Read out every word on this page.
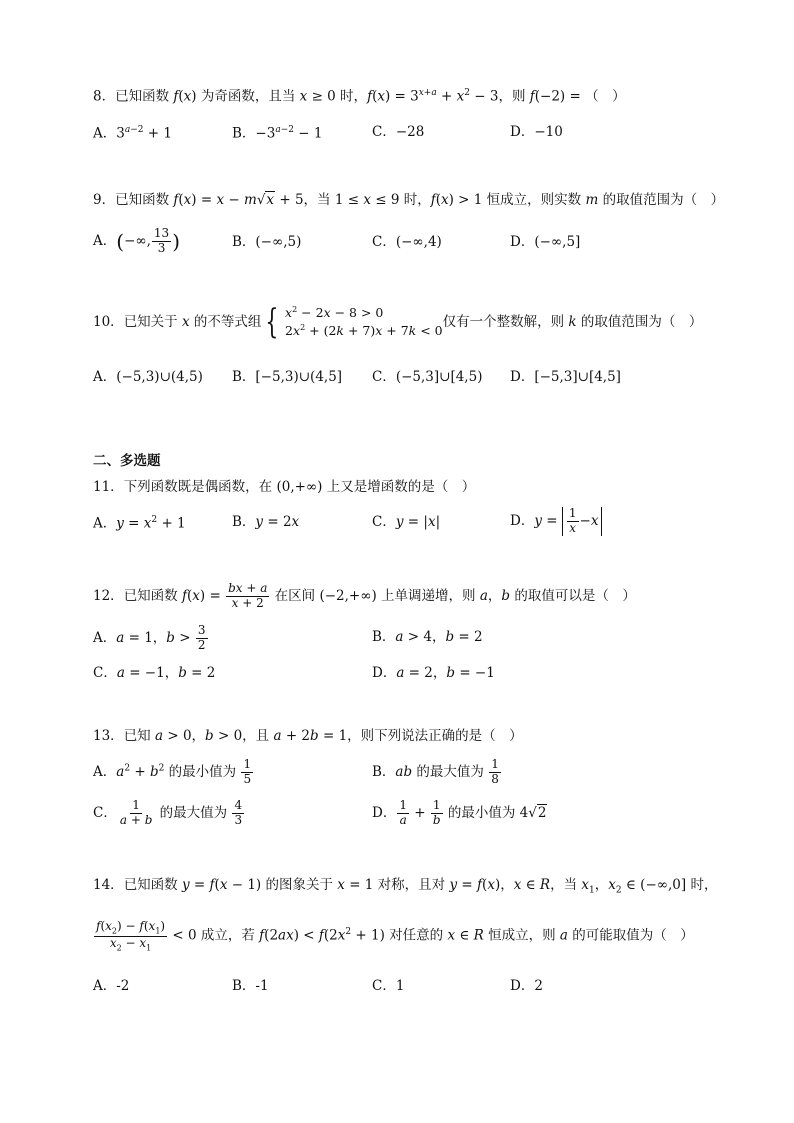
8．已知函数 f(x) 为奇函数，且当 x ≥ 0 时，$f(x) = 3^{x+a} + x^2 - 3$，则 f(−2) = （　）
A．$3^{a-2} + 1$	B．$-3^{a-2} - 1$	C．−28	D．−10
9．已知函数 f(x) = x − m√x + 5，当 1 ≤ x ≤ 9 时，f(x) > 1 恒成立，则实数 m 的取值范围为（　）
A．(−∞, $\frac{13}{3}$ )	B．(−∞,5)	C．(−∞,4)	D．(−∞,5]
10．已知关于 x 的不等式组 { $x^2 - 2x - 8 > 0$
$2x^2 + (2k + 7)x + 7k < 0$
仅有一个整数解，则 k 的取值范围为（　）
A．(−5,3)∪(4,5) B．[−5,3)∪(4,5] C．(−5,3]∪[4,5) D．[−5,3]∪[4,5]
二、多选题
11．下列函数既是偶函数，在 (0,+∞) 上又是增函数的是（　）
A．$y = x^2 + 1$	B．y = 2x	C．y = |x|	D．$y = \frac{1}{x} - x$
12．已知函数 $f(x) = \frac{bx + a}{x + 2}$ 在区间 (−2,+∞) 上单调递增，则 a，b 的取值可以是（　）
A．a = 1，$b > \frac{3}{2}$	B．a > 4，b = 2
C．a = −1，b = 2	D．a = 2，b = −1
13．已知 a > 0，b > 0，且 a + 2b = 1，则下列说法正确的是（　）
A．$a^2 + b^2$ 的最小值为 $\frac{1}{5}$	B．ab 的最大值为 $\frac{1}{8}$
C． $\frac{1}{a + b}$ 的最大值为 $\frac{4}{3}$	D． $\frac{1}{a} + \frac{1}{b}$ 的最小值为 4√2
14．已知函数 y = f(x − 1) 的图象关于 x = 1 对称，且对 y = f(x)，x ∈ R，当 $x_1$，$x_2$ ∈ (−∞,0] 时，
$\frac{f(x_2) - f(x_1)}{x_2 - x_1} < 0$ 成立，若 $f(2ax) < f(2x^2 + 1)$ 对任意的 x ∈ R 恒成立，则 a 的可能取值为（　）
A．-2	B．-1	C．1	D．2
